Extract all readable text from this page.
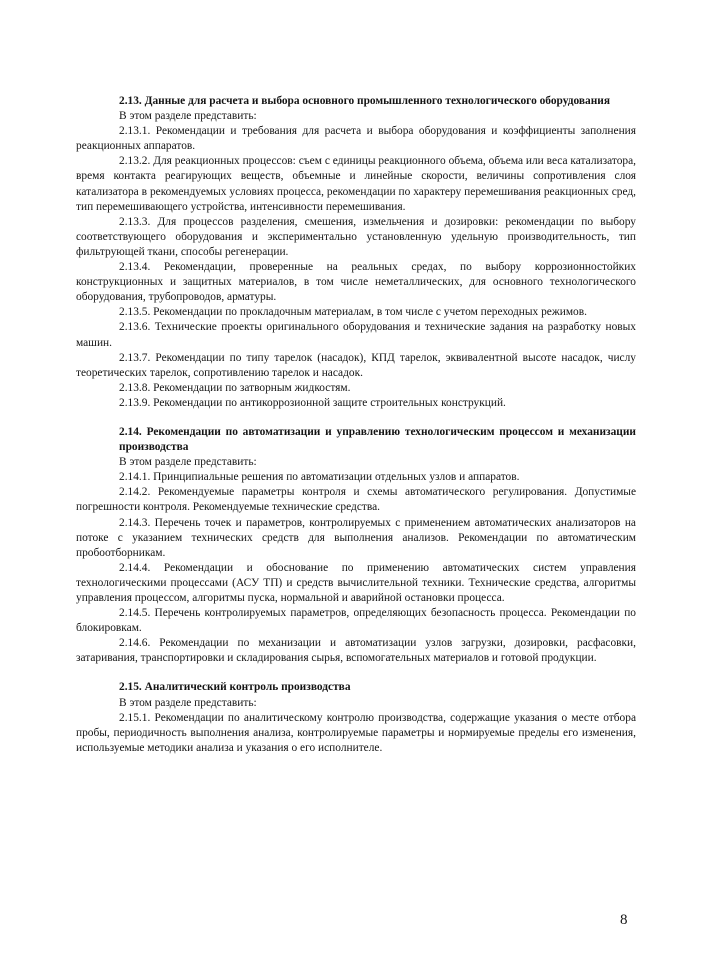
2.13. Данные для расчета и выбора основного промышленного технологического оборудования

В этом разделе представить:

2.13.1. Рекомендации и требования для расчета и выбора оборудования и коэффициенты заполнения реакционных аппаратов.

2.13.2. Для реакционных процессов: съем с единицы реакционного объема, объема или веса катализатора, время контакта реагирующих веществ, объемные и линейные скорости, величины сопротивления слоя катализатора в рекомендуемых условиях процесса, рекомендации по характеру перемешивания реакционных сред, тип перемешивающего устройства, интенсивности перемешивания.

2.13.3. Для процессов разделения, смешения, измельчения и дозировки: рекомендации по выбору соответствующего оборудования и экспериментально установленную удельную производительность, тип фильтрующей ткани, способы регенерации.

2.13.4. Рекомендации, проверенные на реальных средах, по выбору коррозионностойких конструкционных и защитных материалов, в том числе неметаллических, для основного технологического оборудования, трубопроводов, арматуры.

2.13.5. Рекомендации по прокладочным материалам, в том числе с учетом переходных режимов.

2.13.6. Технические проекты оригинального оборудования и технические задания на разработку новых машин.

2.13.7. Рекомендации по типу тарелок (насадок), КПД тарелок, эквивалентной высоте насадок, числу теоретических тарелок, сопротивлению тарелок и насадок.

2.13.8. Рекомендации по затворным жидкостям.

2.13.9. Рекомендации по антикоррозионной защите строительных конструкций.

2.14. Рекомендации по автоматизации и управлению технологическим процессом и механизации производства

В этом разделе представить:

2.14.1. Принципиальные решения по автоматизации отдельных узлов и аппаратов.

2.14.2. Рекомендуемые параметры контроля и схемы автоматического регулирования. Допустимые погрешности контроля. Рекомендуемые технические средства.

2.14.3. Перечень точек и параметров, контролируемых с применением автоматических анализаторов на потоке с указанием технических средств для выполнения анализов. Рекомендации по автоматическим пробоотборникам.

2.14.4. Рекомендации и обоснование по применению автоматических систем управления технологическими процессами (АСУ ТП) и средств вычислительной техники. Технические средства, алгоритмы управления процессом, алгоритмы пуска, нормальной и аварийной остановки процесса.

2.14.5. Перечень контролируемых параметров, определяющих безопасность процесса. Рекомендации по блокировкам.

2.14.6. Рекомендации по механизации и автоматизации узлов загрузки, дозировки, расфасовки, затаривания, транспортировки и складирования сырья, вспомогательных материалов и готовой продукции.

2.15. Аналитический контроль производства

В этом разделе представить:

2.15.1. Рекомендации по аналитическому контролю производства, содержащие указания о месте отбора пробы, периодичность выполнения анализа, контролируемые параметры и нормируемые пределы его изменения, используемые методики анализа и указания о его исполнителе.

8
